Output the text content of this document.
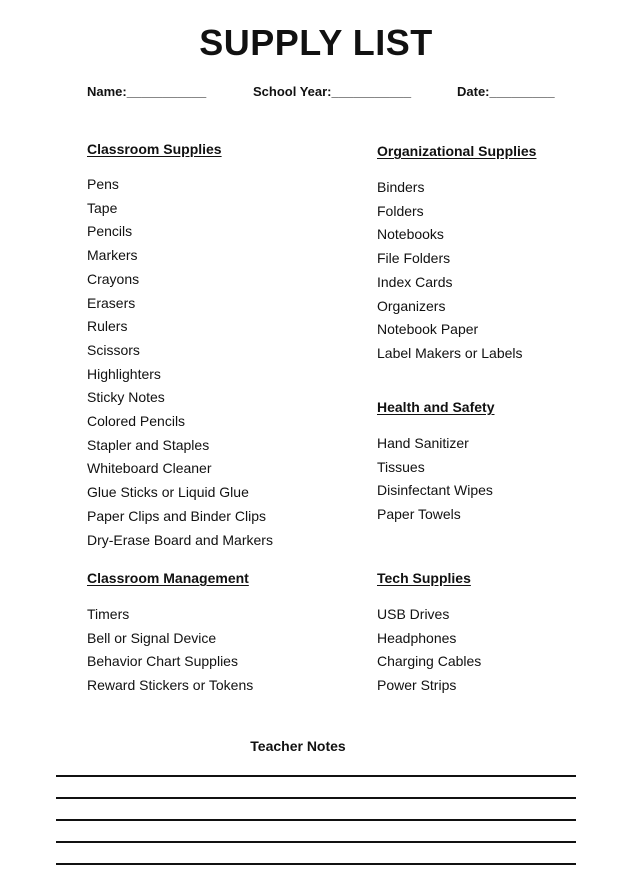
SUPPLY LIST
Name:___________	School Year:___________	Date:_________
Classroom Supplies
Pens
Tape
Pencils
Markers
Crayons
Erasers
Rulers
Scissors
Highlighters
Sticky Notes
Colored Pencils
Stapler and Staples
Whiteboard Cleaner
Glue Sticks or Liquid Glue
Paper Clips and Binder Clips
Dry-Erase Board and Markers
Organizational Supplies
Binders
Folders
Notebooks
File Folders
Index Cards
Organizers
Notebook Paper
Label Makers or Labels
Health and Safety
Hand Sanitizer
Tissues
Disinfectant Wipes
Paper Towels
Classroom Management
Timers
Bell or Signal Device
Behavior Chart Supplies
Reward Stickers or Tokens
Tech Supplies
USB Drives
Headphones
Charging Cables
Power Strips
Teacher Notes
